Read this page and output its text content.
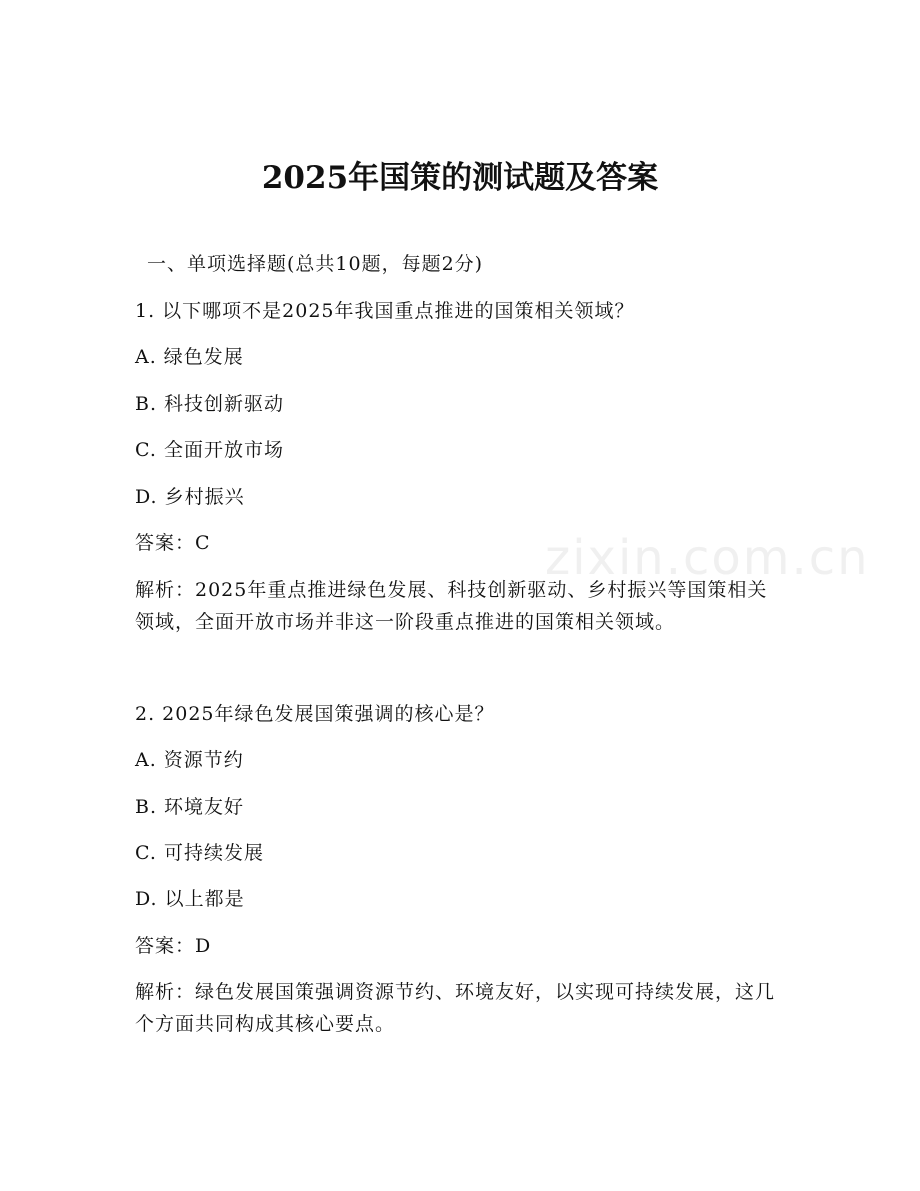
zixin.com.cn
2025年国策的测试题及答案
一、单项选择题(总共10题，每题2分)
1. 以下哪项不是2025年我国重点推进的国策相关领域？
A. 绿色发展
B. 科技创新驱动
C. 全面开放市场
D. 乡村振兴
答案：C
解析：2025年重点推进绿色发展、科技创新驱动、乡村振兴等国策相关领域，全面开放市场并非这一阶段重点推进的国策相关领域。
2. 2025年绿色发展国策强调的核心是？
A. 资源节约
B. 环境友好
C. 可持续发展
D. 以上都是
答案：D
解析：绿色发展国策强调资源节约、环境友好，以实现可持续发展，这几个方面共同构成其核心要点。
